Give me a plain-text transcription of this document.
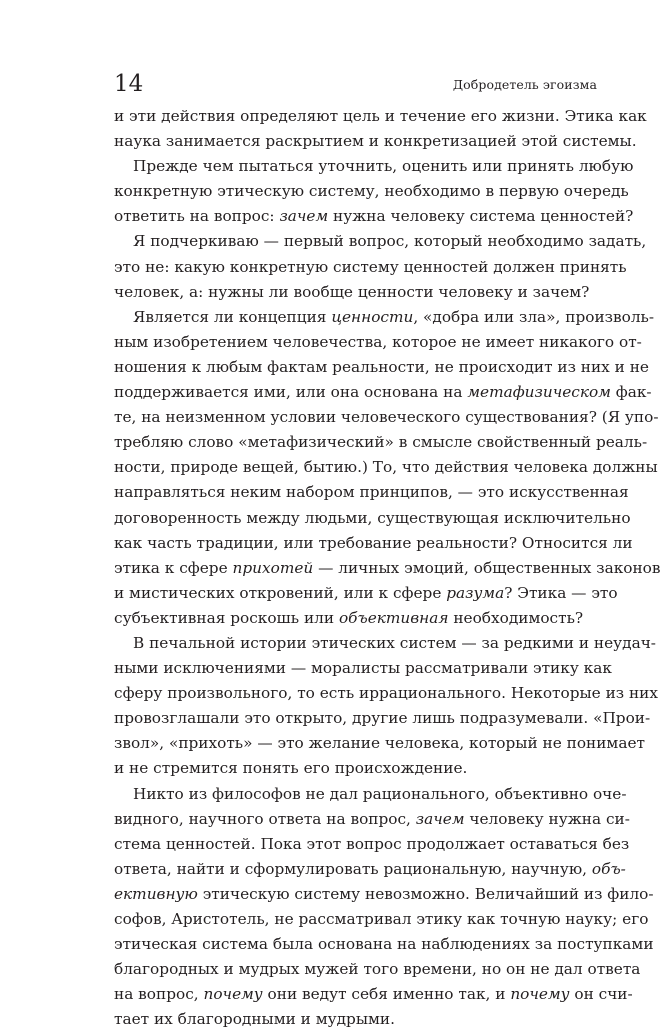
14	Добродетель эгоизма
и эти действия определяют цель и течение его жизни. Этика как
наука занимается раскрытием и конкретизацией этой системы.
Прежде чем пытаться уточнить, оценить или принять любую
конкретную этическую систему, необходимо в первую очередь
ответить на вопрос: зачем нужна человеку система ценностей?
Я подчеркиваю — первый вопрос, который необходимо задать,
это не: какую конкретную систему ценностей должен принять
человек, а: нужны ли вообще ценности человеку и зачем?
Является ли концепция ценности, «добра или зла», произволь-
ным изобретением человечества, которое не имеет никакого от-
ношения к любым фактам реальности, не происходит из них и не
поддерживается ими, или она основана на метафизическом фак-
те, на неизменном условии человеческого существования? (Я упо-
требляю слово «метафизический» в смысле свойственный реаль-
ности, природе вещей, бытию.) То, что действия человека должны
направляться неким набором принципов, — это искусственная
договоренность между людьми, существующая исключительно
как часть традиции, или требование реальности? Относится ли
этика к сфере прихотей — личных эмоций, общественных законов
и мистических откровений, или к сфере разума? Этика — это
субъективная роскошь или объективная необходимость?
В печальной истории этических систем — за редкими и неудач-
ными исключениями — моралисты рассматривали этику как
сферу произвольного, то есть иррационального. Некоторые из них
провозглашали это открыто, другие лишь подразумевали. «Прои-
звол», «прихоть» — это желание человека, который не понимает
и не стремится понять его происхождение.
Никто из философов не дал рационального, объективно оче-
видного, научного ответа на вопрос, зачем человеку нужна си-
стема ценностей. Пока этот вопрос продолжает оставаться без
ответа, найти и сформулировать рациональную, научную, объ-
ективную этическую систему невозможно. Величайший из фило-
софов, Аристотель, не рассматривал этику как точную науку; его
этическая система была основана на наблюдениях за поступками
благородных и мудрых мужей того времени, но он не дал ответа
на вопрос, почему они ведут себя именно так, и почему он счи-
тает их благородными и мудрыми.
